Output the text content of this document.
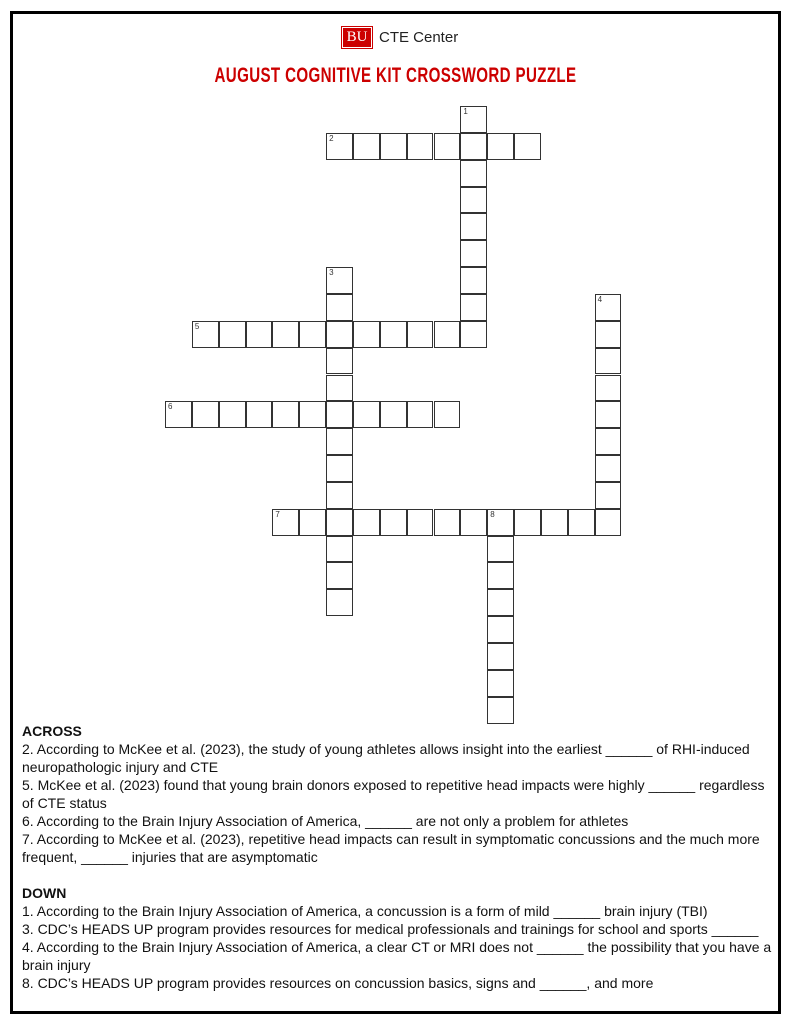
BU CTE Center
AUGUST COGNITIVE KIT CROSSWORD PUZZLE
1
2
3
4
5
6
7	8
ACROSS

2. According to McKee et al. (2023), the study of young athletes allows insight into the earliest ______ of RHI-induced neuropathologic injury and CTE

5. McKee et al. (2023) found that young brain donors exposed to repetitive head impacts were highly ______ regardless of CTE status

6. According to the Brain Injury Association of America, ______ are not only a problem for athletes

7. According to McKee et al. (2023), repetitive head impacts can result in symptomatic concussions and the much more frequent, ______ injuries that are asymptomatic

DOWN

1. According to the Brain Injury Association of America, a concussion is a form of mild ______ brain injury (TBI)

3. CDC’s HEADS UP program provides resources for medical professionals and trainings for school and sports ______

4. According to the Brain Injury Association of America, a clear CT or MRI does not ______ the possibility that you have a brain injury

8. CDC’s HEADS UP program provides resources on concussion basics, signs and ______, and more
